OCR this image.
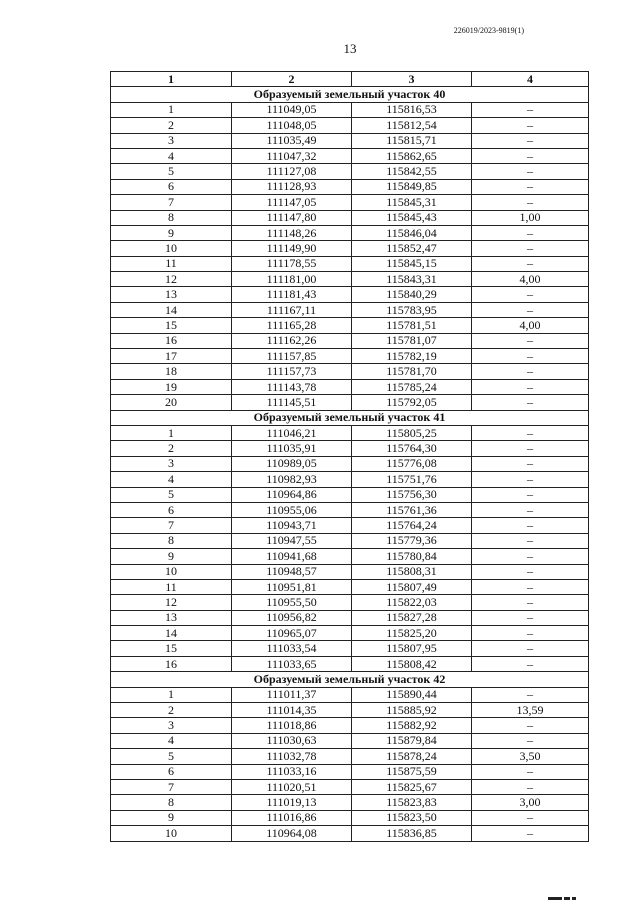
226019/2023-9819(1)
13
1	2	3	4
Образуемый земельный участок 40			
1	111049,05	115816,53	–
2	111048,05	115812,54	–
3	111035,49	115815,71	–
4	111047,32	115862,65	–
5	111127,08	115842,55	–
6	111128,93	115849,85	–
7	111147,05	115845,31	–
8	111147,80	115845,43	1,00
9	111148,26	115846,04	–
10	111149,90	115852,47	–
11	111178,55	115845,15	–
12	111181,00	115843,31	4,00
13	111181,43	115840,29	–
14	111167,11	115783,95	–
15	111165,28	115781,51	4,00
16	111162,26	115781,07	–
17	111157,85	115782,19	–
18	111157,73	115781,70	–
19	111143,78	115785,24	–
20	111145,51	115792,05	–
Образуемый земельный участок 41			
1	111046,21	115805,25	–
2	111035,91	115764,30	–
3	110989,05	115776,08	–
4	110982,93	115751,76	–
5	110964,86	115756,30	–
6	110955,06	115761,36	–
7	110943,71	115764,24	–
8	110947,55	115779,36	–
9	110941,68	115780,84	–
10	110948,57	115808,31	–
11	110951,81	115807,49	–
12	110955,50	115822,03	–
13	110956,82	115827,28	–
14	110965,07	115825,20	–
15	111033,54	115807,95	–
16	111033,65	115808,42	–
Образуемый земельный участок 42			
1	111011,37	115890,44	–
2	111014,35	115885,92	13,59
3	111018,86	115882,92	–
4	111030,63	115879,84	–
5	111032,78	115878,24	3,50
6	111033,16	115875,59	–
7	111020,51	115825,67	–
8	111019,13	115823,83	3,00
9	111016,86	115823,50	–
10	110964,08	115836,85	–
